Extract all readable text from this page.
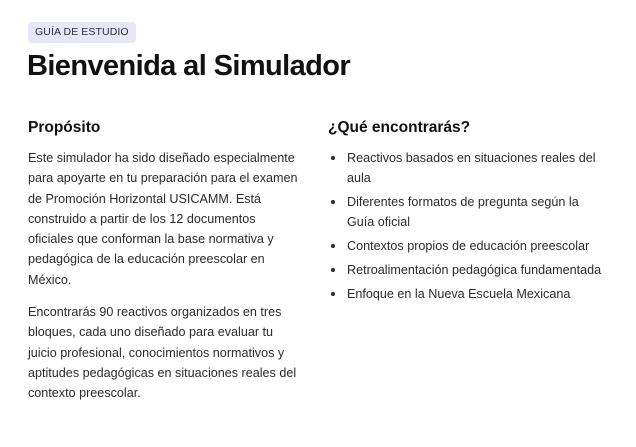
GUÍA DE ESTUDIO
Bienvenida al Simulador
Propósito

Este simulador ha sido diseñado especialmente para apoyarte en tu preparación para el examen de Promoción Horizontal USICAMM. Está construido a partir de los 12 documentos oficiales que conforman la base normativa y pedagógica de la educación preescolar en México.

Encontrarás 90 reactivos organizados en tres bloques, cada uno diseñado para evaluar tu juicio profesional, conocimientos normativos y aptitudes pedagógicas en situaciones reales del contexto preescolar.

¿Qué encontrarás?
Reactivos basados en situaciones reales del aula
Diferentes formatos de pregunta según la Guía oficial
Contextos propios de educación preescolar
Retroalimentación pedagógica fundamentada
Enfoque en la Nueva Escuela Mexicana
